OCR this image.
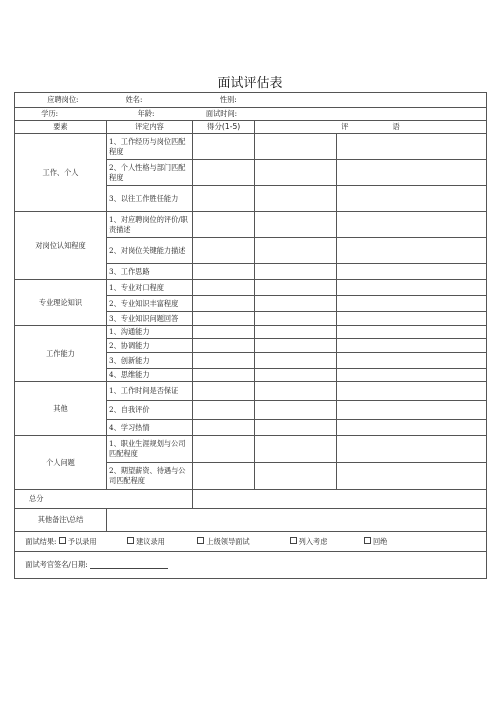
面试评估表
应聘岗位: 姓名: 性别:				
学历: 年龄: 面试时间:				
要素	评定内容	得分(1-5)	评 语	
工作、个人	1、工作经历与岗位匹配程度			
	2、个人性格与部门匹配程度			
	3、以往工作胜任能力			
对岗位认知程度	1、对应聘岗位的评价/职责描述			
	2、对岗位关键能力描述			
	3、工作思路			
专业理论知识	1、专业对口程度			
	2、专业知识丰富程度			
	3、专业知识问题回答			
工作能力	1、沟通能力			
	2、协调能力			
	3、创新能力			
	4、思维能力			
其他	1、工作时间是否保证			
	2、自我评价			
	4、学习热情			
个人问题	1、职业生涯规划与公司匹配程度			
	2、期望薪资、待遇与公司匹配程度			
总分				
其他备注\总结				
面试结果: 予以录用 建议录用 上级领导面试 列入考虑 回绝				
面试考官签名/日期:				
